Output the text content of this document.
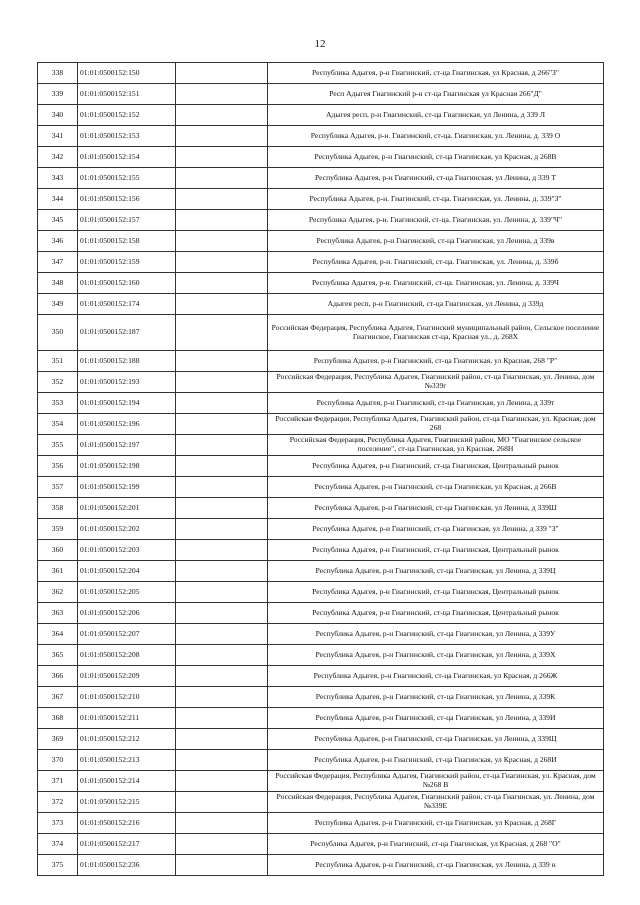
12
338	01:01:0500152:150		Республика Адыгея, р-н Гиагинский, ст-ца Гиагинская, ул Красная, д 266"З"
339	01:01:0500152:151		Респ Адыгея Гиагинский р-н ст-ца Гиагинская ул Красная 266"Д"
340	01:01:0500152:152		Адыгея респ, р-н Гиагинский, ст-ца Гиагинская, ул Ленина, д 339 Л
341	01:01:0500152:153		Республика Адыгея, р-н. Гиагинский, ст-ца. Гиагинская, ул. Ленина, д. 339 О
342	01:01:0500152:154		Республика Адыгея, р-н Гиагинский, ст-ца Гиагинская, ул Красная, д 268В
343	01:01:0500152:155		Республика Адыгея, р-н Гиагинский, ст-ца Гиагинская, ул Ленина, д 339 Т
344	01:01:0500152:156		Республика Адыгея, р-н. Гиагинский, ст-ца. Гиагинская, ул. Ленина, д. 339"З"
345	01:01:0500152:157		Республика Адыгея, р-н. Гиагинский, ст-ца. Гиагинская, ул. Ленина, д. 339"Ч"
346	01:01:0500152:158		Республика Адыгея, р-н Гиагинский, ст-ца Гиагинская, ул Ленина, д 339в
347	01:01:0500152:159		Республика Адыгея, р-н. Гиагинский, ст-ца. Гиагинская, ул. Ленина, д. 339б
348	01:01:0500152:160		Республика Адыгея, р-н. Гиагинский, ст-ца. Гиагинская, ул. Ленина, д. 339Ч
349	01:01:0500152:174		Адыгея респ, р-н Гиагинский, ст-ца Гиагинская, ул Ленина, д 339д
350	01:01:0500152:187		Российская Федерация, Республика Адыгея, Гиагинский муниципальный район, Сельское поселение Гиагинское, Гиагинская ст-ца, Красная ул., д. 268Х
351	01:01:0500152:188		Республика Адыгея, р-н Гиагинский, ст-ца Гиагинская, ул Красная, 268 "Р"
352	01:01:0500152:193		Российская Федерация, Республика Адыгея, Гиагинский район, ст-ца Гиагинская, ул. Ленина, дом №339г
353	01:01:0500152:194		Республика Адыгея, р-н Гиагинский, ст-ца Гиагинская, ул Ленина, д 339т
354	01:01:0500152:196		Российская Федерация, Республика Адыгея, Гиагинский район, ст-ца Гиагинская, ул. Красная, дом 268
355	01:01:0500152:197		Российская Федерация, Республика Адыгея, Гиагинский район, МО "Гиагинское сельское поселение", ст-ца Гиагинская, ул Красная, 268Н
356	01:01:0500152:198		Республика Адыгея, р-н Гиагинский, ст-ца Гиагинская, Центральный рынок
357	01:01:0500152:199		Республика Адыгея, р-н Гиагинский, ст-ца Гиагинская, ул Красная, д 266В
358	01:01:0500152:201		Республика Адыгея, р-н Гиагинский, ст-ца Гиагинская, ул Ленина, д 339Ш
359	01:01:0500152:202		Республика Адыгея, р-н Гиагинский, ст-ца Гиагинская, ул Ленина, д 339 "З"
360	01:01:0500152:203		Республика Адыгея, р-н Гиагинский, ст-ца Гиагинская, Центральный рынок
361	01:01:0500152:204		Республика Адыгея, р-н Гиагинский, ст-ца Гиагинская, ул Ленина, д 339Ц
362	01:01:0500152:205		Республика Адыгея, р-н Гиагинский, ст-ца Гиагинская, Центральный рынок
363	01:01:0500152:206		Республика Адыгея, р-н Гиагинский, ст-ца Гиагинская, Центральный рынок
364	01:01:0500152:207		Республика Адыгея, р-н Гиагинский, ст-ца Гиагинская, ул Ленина, д 339У
365	01:01:0500152:208		Республика Адыгея, р-н Гиагинский, ст-ца Гиагинская, ул Ленина, д 339Х
366	01:01:0500152:209		Республика Адыгея, р-н Гиагинский, ст-ца Гиагинская, ул Красная, д 266Ж
367	01:01:0500152:210		Республика Адыгея, р-н Гиагинский, ст-ца Гиагинская, ул Ленина, д 339К
368	01:01:0500152:211		Республика Адыгея, р-н Гиагинский, ст-ца Гиагинская, ул Ленина, д 339И
369	01:01:0500152:212		Республика Адыгея, р-н Гиагинский, ст-ца Гиагинская, ул Ленина, д 339Щ
370	01:01:0500152:213		Республика Адыгея, р-н Гиагинский, ст-ца Гиагинская, ул Красная, д 268И
371	01:01:0500152:214		Российская Федерация, Республика Адыгея, Гиагинский район, ст-ца Гиагинская, ул. Красная, дом №268 В
372	01:01:0500152:215		Российская Федерация, Республика Адыгея, Гиагинский район, ст-ца Гиагинская, ул. Ленина, дом №339Е
373	01:01:0500152:216		Республика Адыгея, р-н Гиагинский, ст-ца Гиагинская, ул Красная, д 268Г
374	01:01:0500152:217		Республика Адыгея, р-н Гиагинский, ст-ца Гиагинская, ул Красная, д 268 "О"
375	01:01:0500152:236		Республика Адыгея, р-н Гиагинский, ст-ца Гиагинская, ул Ленина, д 339 н
